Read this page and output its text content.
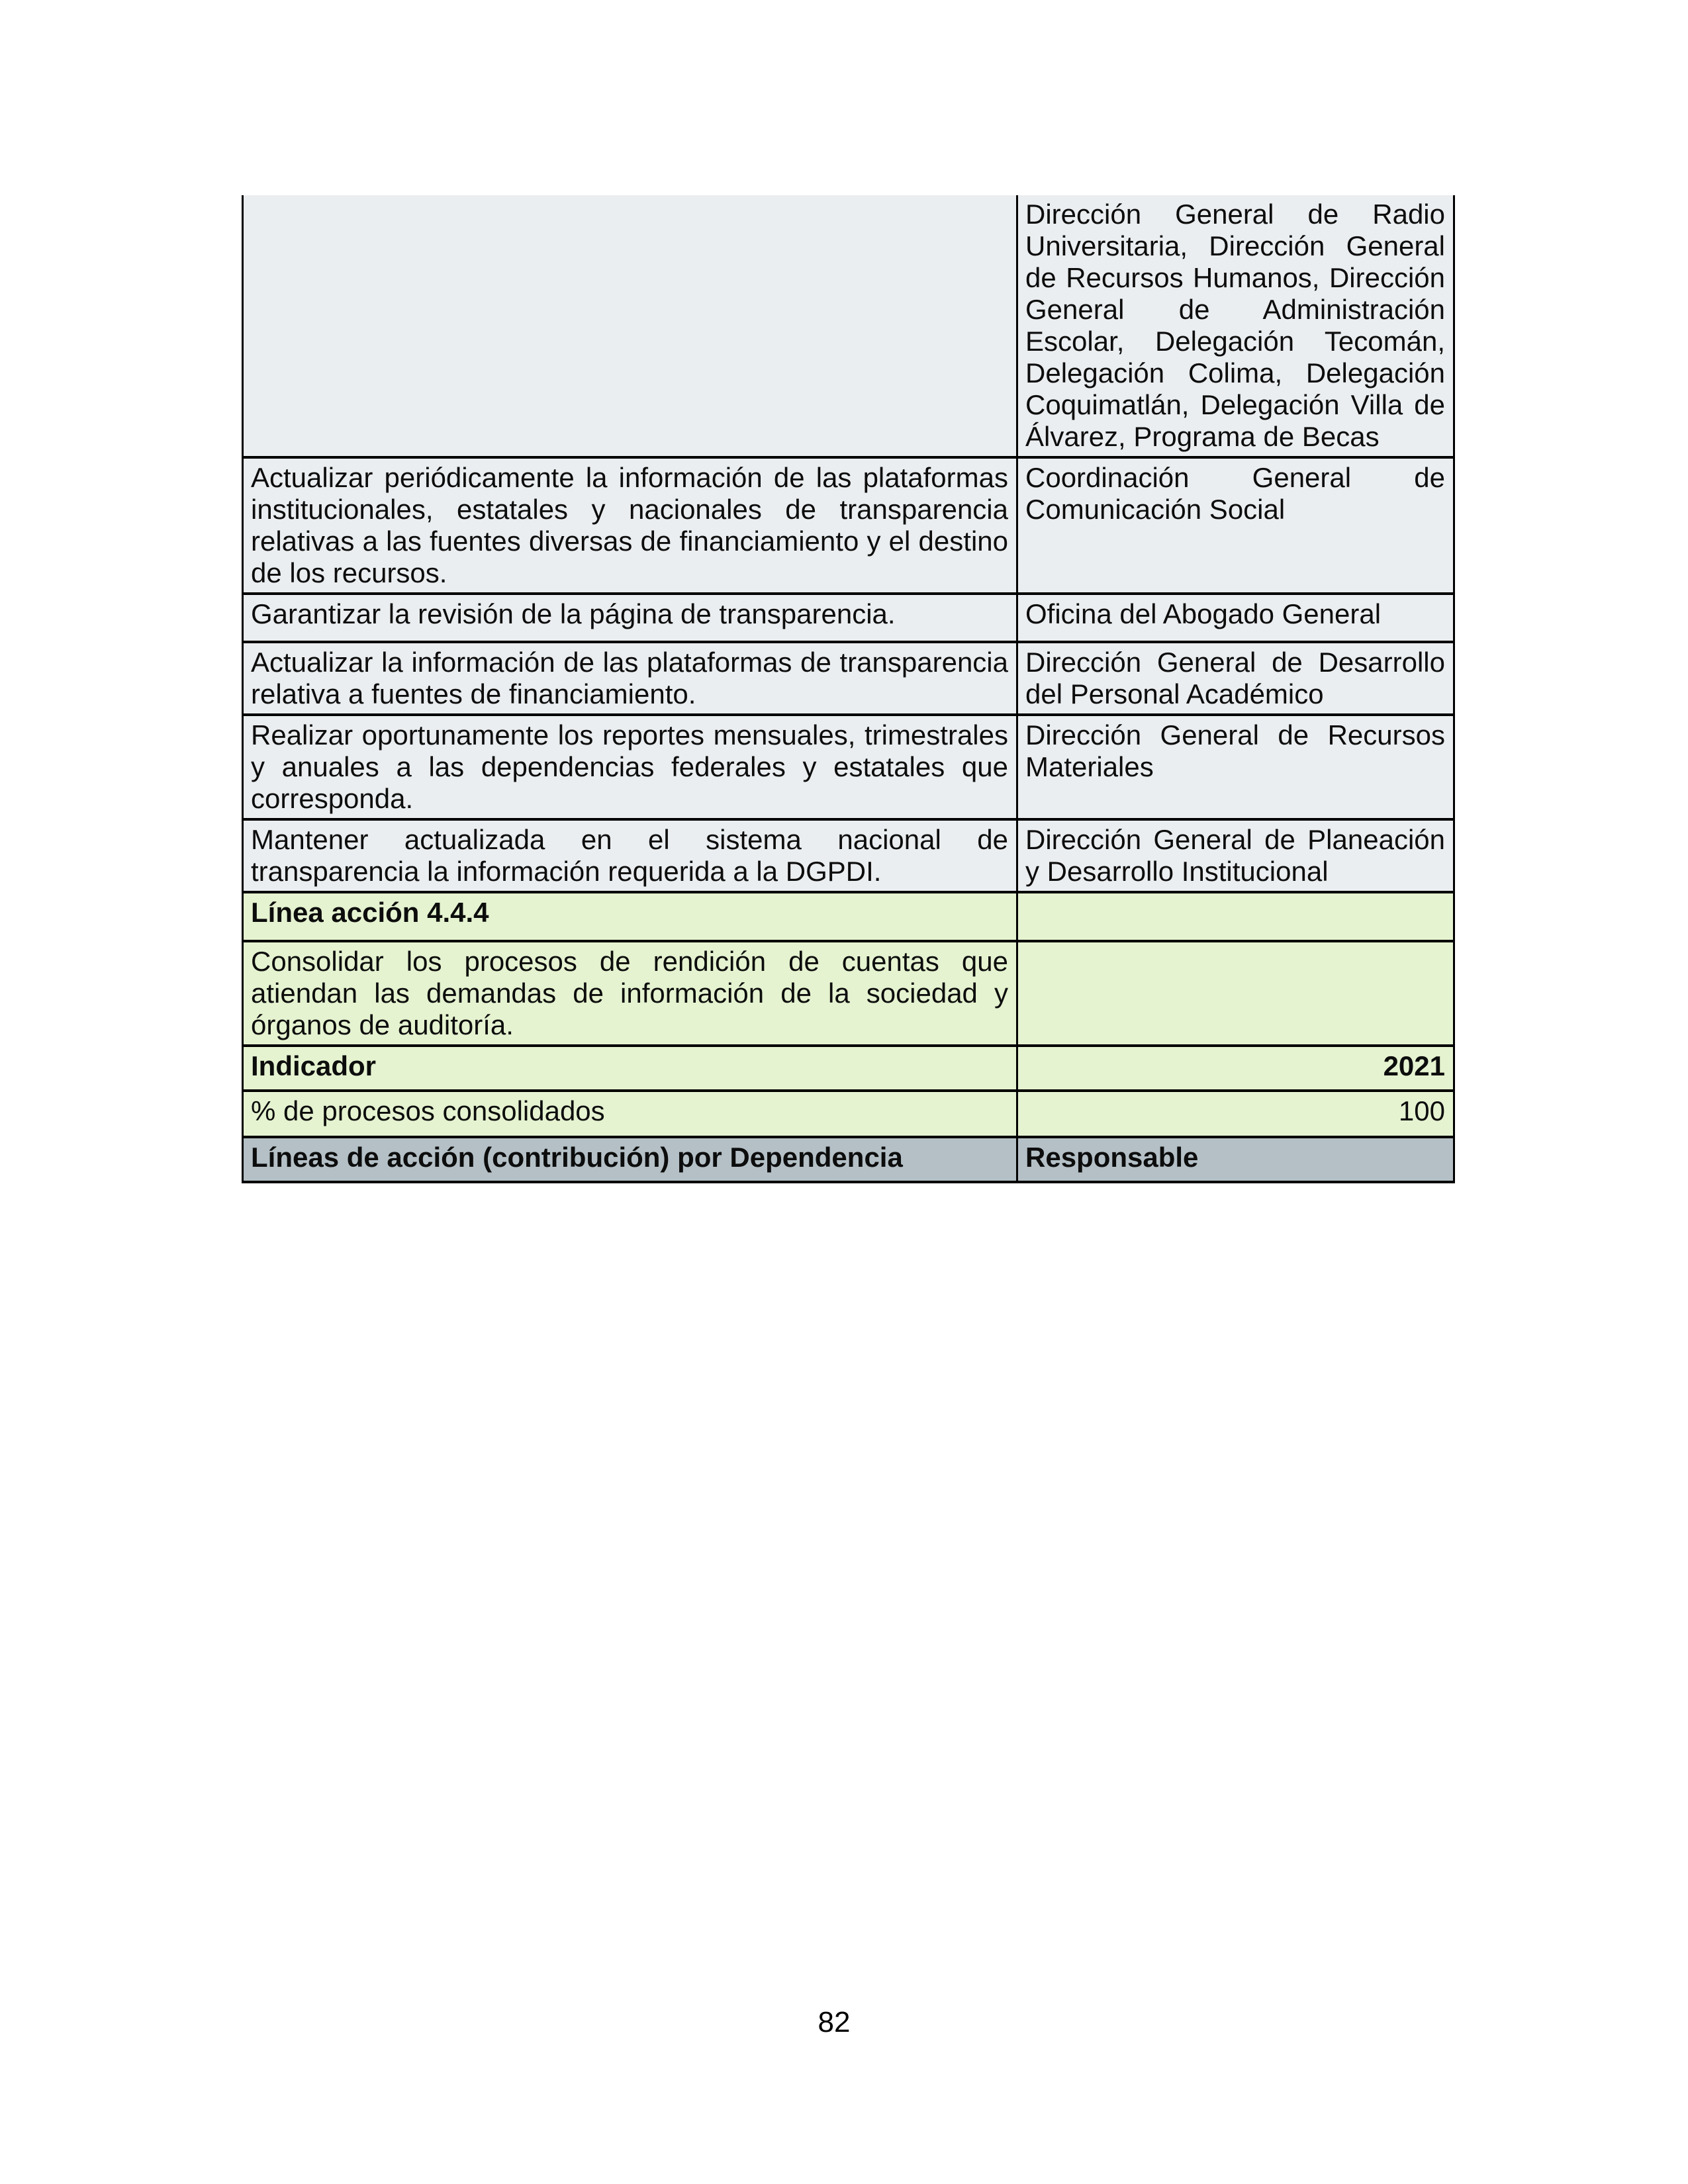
	Dirección General de Radio Universitaria, Dirección General de Recursos Humanos, Dirección General de Administración Escolar, Delegación Tecomán, Delegación Colima, Delegación Coquimatlán, Delegación Villa de Álvarez, Programa de Becas
Actualizar periódicamente la información de las plataformas institucionales, estatales y nacionales de transparencia relativas a las fuentes diversas de financiamiento y el destino de los recursos.	Coordinación General de Comunicación Social
Garantizar la revisión de la página de transparencia.	Oficina del Abogado General
Actualizar la información de las plataformas de transparencia relativa a fuentes de financiamiento.	Dirección General de Desarrollo del Personal Académico
Realizar oportunamente los reportes mensuales, trimestrales y anuales a las dependencias federales y estatales que corresponda.	Dirección General de Recursos Materiales
Mantener actualizada en el sistema nacional de transparencia la información requerida a la DGPDI.	Dirección General de Planeación y Desarrollo Institucional
Línea acción 4.4.4	
Consolidar los procesos de rendición de cuentas que atiendan las demandas de información de la sociedad y órganos de auditoría.	
Indicador	2021
% de procesos consolidados	100
Líneas de acción (contribución) por Dependencia	Responsable
82
